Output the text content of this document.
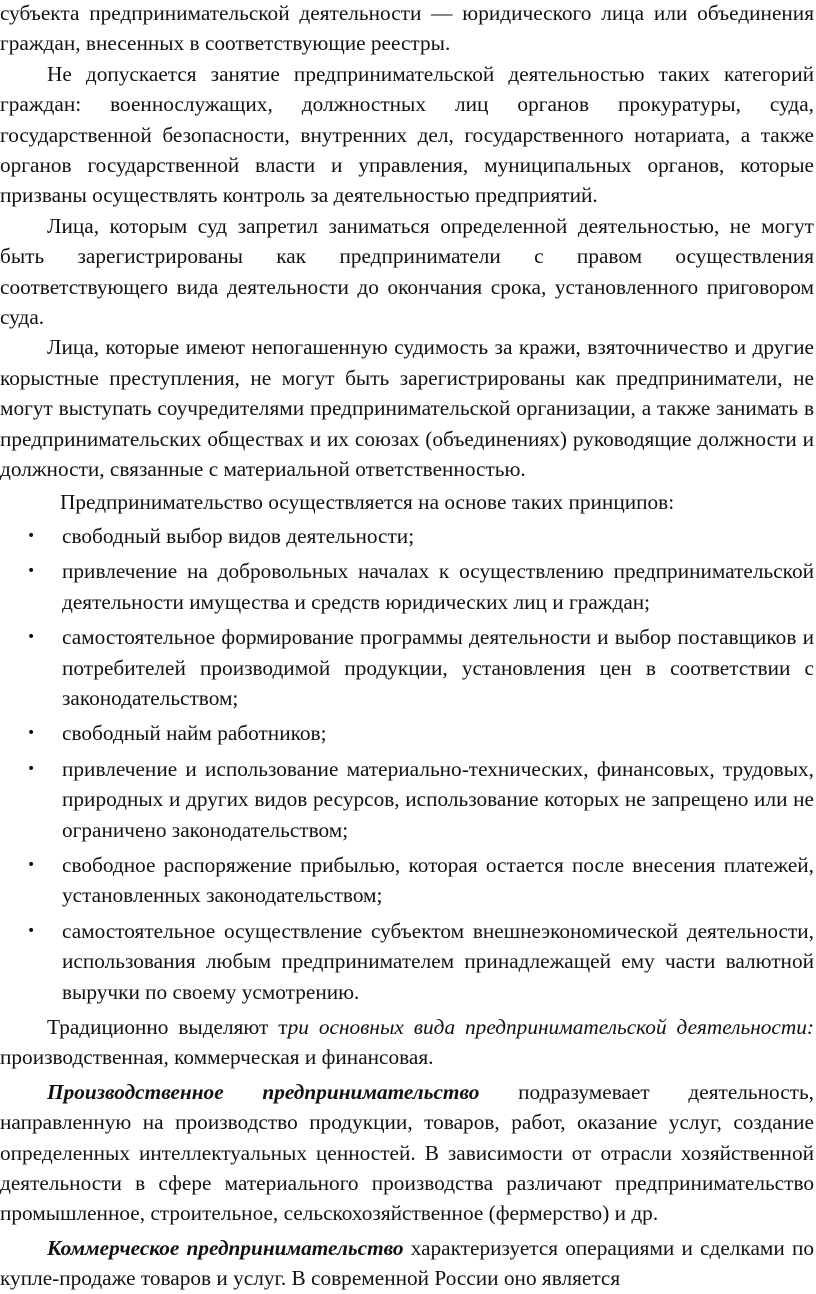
субъекта предпринимательской деятельности — юридического лица или объединения граждан, внесенных в соответствующие реестры.

Не допускается занятие предпринимательской деятельностью таких категорий граждан: военнослужащих, должностных лиц органов прокуратуры, суда, государственной безопасности, внутренних дел, государственного нотариата, а также органов государственной власти и управления, муниципальных органов, которые призваны осуществлять контроль за деятельностью предприятий.

Лица, которым суд запретил заниматься определенной деятельностью, не могут быть зарегистрированы как предприниматели с правом осуществления соответствующего вида деятельности до окончания срока, установленного приговором суда.

Лица, которые имеют непогашенную судимость за кражи, взяточничество и другие корыстные преступления, не могут быть зарегистрированы как предприниматели, не могут выступать соучредителями предпринимательской организации, а также занимать в предпринимательских обществах и их союзах (объединениях) руководящие должности и должности, связанные с материальной ответственностью.

Предпринимательство осуществляется на основе таких принципов:

• свободный выбор видов деятельности;
• привлечение на добровольных началах к осуществлению предпринимательской деятельности имущества и средств юридических лиц и граждан;
• самостоятельное формирование программы деятельности и выбор поставщиков и потребителей производимой продукции, установления цен в соответствии с законодательством;
• свободный найм работников;
• привлечение и использование материально-технических, финансовых, трудовых, природных и других видов ресурсов, использование которых не запрещено или не ограничено законодательством;
• свободное распоряжение прибылью, которая остается после внесения платежей, установленных законодательством;
• самостоятельное осуществление субъектом внешнеэкономической деятельности, использования любым предпринимателем принадлежащей ему части валютной выручки по своему усмотрению.

Традиционно выделяют три основных вида предпринимательской деятельности: производственная, коммерческая и финансовая.

Производственное предпринимательство подразумевает деятельность, направленную на производство продукции, товаров, работ, оказание услуг, создание определенных интеллектуальных ценностей. В зависимости от отрасли хозяйственной деятельности в сфере материального производства различают предпринимательство промышленное, строительное, сельскохозяйственное (фермерство) и др.

Коммерческое предпринимательство характеризуется операциями и сделками по купле-продаже товаров и услуг. В современной России оно является
